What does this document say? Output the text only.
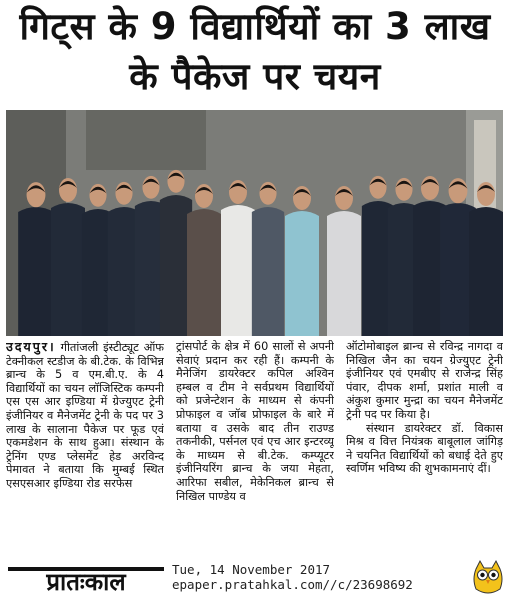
गिट्स के 9 विद्यार्थियों का 3 लाख
के पैकेज पर चयन

उदयपुर। गीतांजली इंस्टीट्यूट ऑफ टेक्नीकल स्टडीज के बी.टेक. के विभिन्न ब्रान्च के 5 व एम.बी.ए. के 4 विद्यार्थियों का चयन लॉजिस्टिक कम्पनी एस एस आर इण्डिया में ग्रेज्युएट ट्रेनी इंजीनियर व मैनेजमेंट ट्रेनी के पद पर 3 लाख के सालाना पैकेज पर फूड एवं एकमडेशन के साथ हुआ। संस्थान के ट्रेनिंग एण्ड प्लेसमेंट हेड अरविन्द पेमावत ने बताया कि मुम्बई स्थित एसएसआर इण्डिया रोड सरफेस

ट्रांसपोर्ट के क्षेत्र में 60 सालों से अपनी सेवाएं प्रदान कर रही हैं। कम्पनी के मैनेजिंग डायरेक्टर कपिल अश्विन हम्बल व टीम ने सर्वप्रथम विद्यार्थियों को प्रजेन्टेशन के माध्यम से कंपनी प्रोफाइल व जॉब प्रोफाइल के बारे में बताया व उसके बाद तीन राउण्ड तकनीकी, पर्सनल एवं एच आर इन्टरव्यू के माध्यम से बी.टेक. कम्प्यूटर इंजीनियरिंग ब्रान्च के जया मेहता, आरिफा सबील, मेकेनिकल ब्रान्च से निखिल पाण्डेय व

ऑटोमोबाइल ब्रान्च से रविन्द्र नागदा व निखिल जैन का चयन ग्रेज्युएट ट्रेनी इंजीनियर एवं एमबीए से राजेन्द्र सिंह पंवार, दीपक शर्मा, प्रशांत माली व अंकुश कुमार मुन्द्रा का चयन मैनेजमेंट ट्रेनी पद पर किया है।

संस्थान डायरेक्टर डॉ. विकास मिश्र व वित्त नियंत्रक बाबूलाल जांगिड़ ने चयनित विद्यार्थियों को बधाई देते हुए स्वर्णिम भविष्य की शुभकामनाएं दीं।

प्रातःकाल	Tue, 14 November 2017
epaper.pratahkal.com//c/23698692
